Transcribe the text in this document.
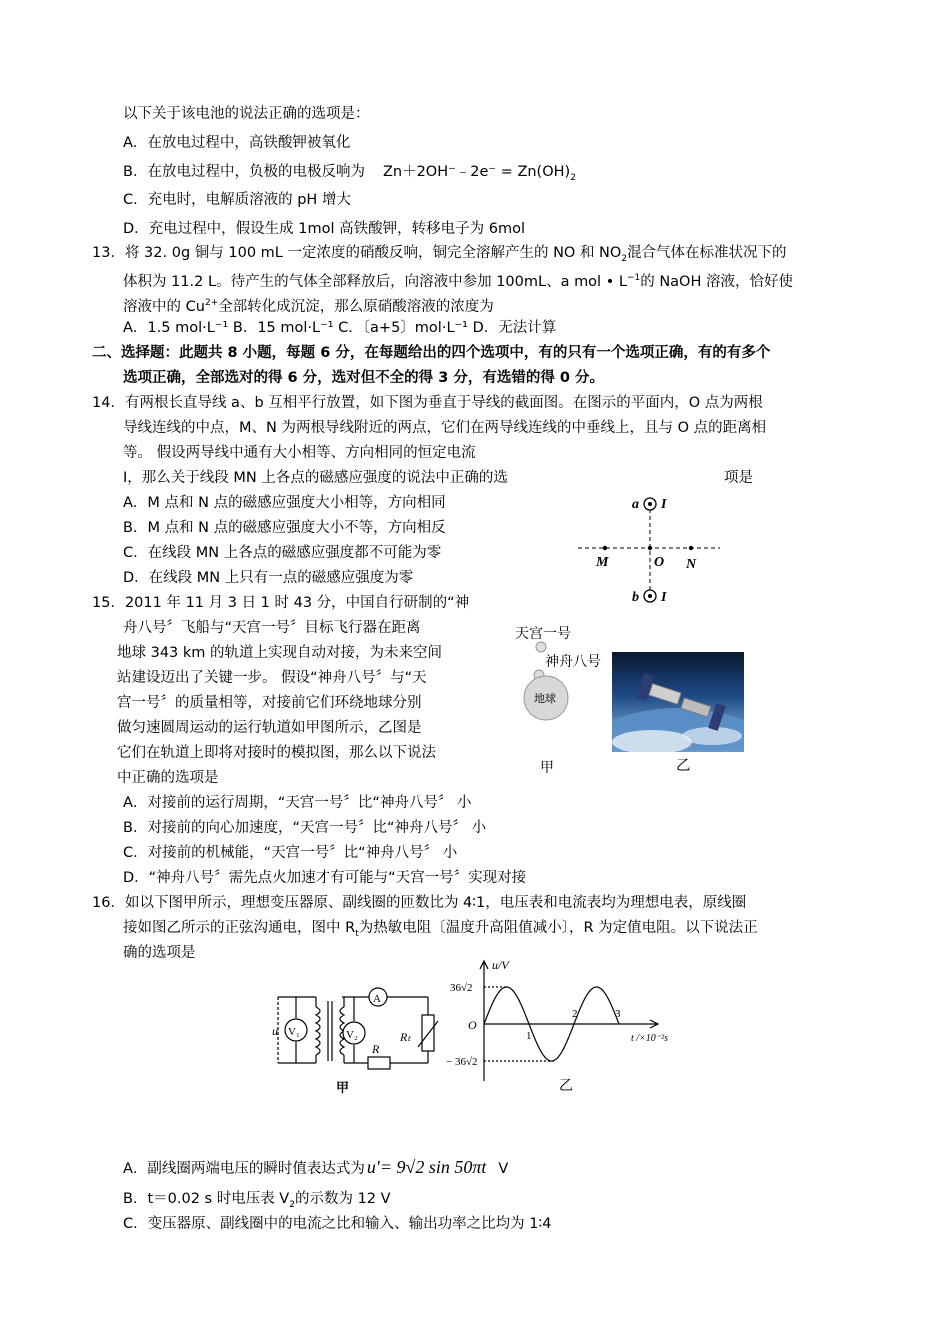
以下关于该电池的说法正确的选项是：
A．在放电过程中，高铁酸钾被氧化
B．在放电过程中，负极的电极反响为 Zn＋2OH⁻﹣2e⁻ = $Zn(OH)_2$
C．充电时，电解质溶液的 pH 增大
D．充电过程中，假设生成 1mol 高铁酸钾，转移电子为 6mol
13．将 32. 0g 铜与 100 mL 一定浓度的硝酸反响，铜完全溶解产生的 NO 和 $NO_2$混合气体在标准状况下的
体积为 11.2 L。待产生的气体全部释放后，向溶液中参加 100mL、a mol • $L^{-1}$的 NaOH 溶液，恰好使
溶液中的 $Cu^{2+}$全部转化成沉淀，那么原硝酸溶液的浓度为
A．1.5 mol·L⁻¹ B．15 mol·L⁻¹ C．〔a+5〕mol·L⁻¹ D．无法计算
二、选择题：此题共 8 小题，每题 6 分，在每题给出的四个选项中，有的只有一个选项正确，有的有多个
选项正确，全部选对的得 6 分，选对但不全的得 3 分，有选错的得 0 分。
14．有两根长直导线 a、b 互相平行放置，如下图为垂直于导线的截面图。在图示的平面内，O 点为两根
导线连线的中点，M、N 为两根导线附近的两点，它们在两导线连线的中垂线上，且与 O 点的距离相
等。 假设两导线中通有大小相等、方向相同的恒定电流
I，那么关于线段 MN 上各点的磁感应强度的说法中正确的选	项是
A．M 点和 N 点的磁感应强度大小相等，方向相同
B．M 点和 N 点的磁感应强度大小不等，方向相反
C．在线段 MN 上各点的磁感应强度都不可能为零
D．在线段 MN 上只有一点的磁感应强度为零
a I
M	O N
b I
15．2011 年 11 月 3 日 1 时 43 分，中国自行研制的“神
舟八号〞飞船与“天宫一号〞目标飞行器在距离
地球 343 km 的轨道上实现自动对接，为未来空间
站建设迈出了关键一步。 假设“神舟八号〞与“天
宫一号〞的质量相等，对接前它们环绕地球分别
做匀速圆周运动的运行轨道如甲图所示，乙图是
它们在轨道上即将对接时的模拟图，那么以下说法
中正确的选项是
A．对接前的运行周期，“天宫一号〞比“神舟八号〞 小
B．对接前的向心加速度，“天宫一号〞比“神舟八号〞 小
C．对接前的机械能，“天宫一号〞比“神舟八号〞 小
D．“神舟八号〞需先点火加速才有可能与“天宫一号〞实现对接
天宫一号
神舟八号
地球
甲	乙
16．如以下图甲所示，理想变压器原、副线圈的匝数比为 4∶1，电压表和电流表均为理想电表，原线圈
接如图乙所示的正弦沟通电，图中 $R_t$为热敏电阻〔温度升高阻值减小〕，R 为定值电阻。以下说法正
确的选项是
u V₁	V₂
A
Rₜ
R
甲
u/V
36√2
− 36√2
O
1
2	3
t /×10⁻²s
乙
A．副线圈两端电压的瞬时值表达式为 u′= 9√2 sin 50πt V
B．t＝0.02 s 时电压表 $V_2$的示数为 12 V
C．变压器原、副线圈中的电流之比和输入、输出功率之比均为 1∶4
